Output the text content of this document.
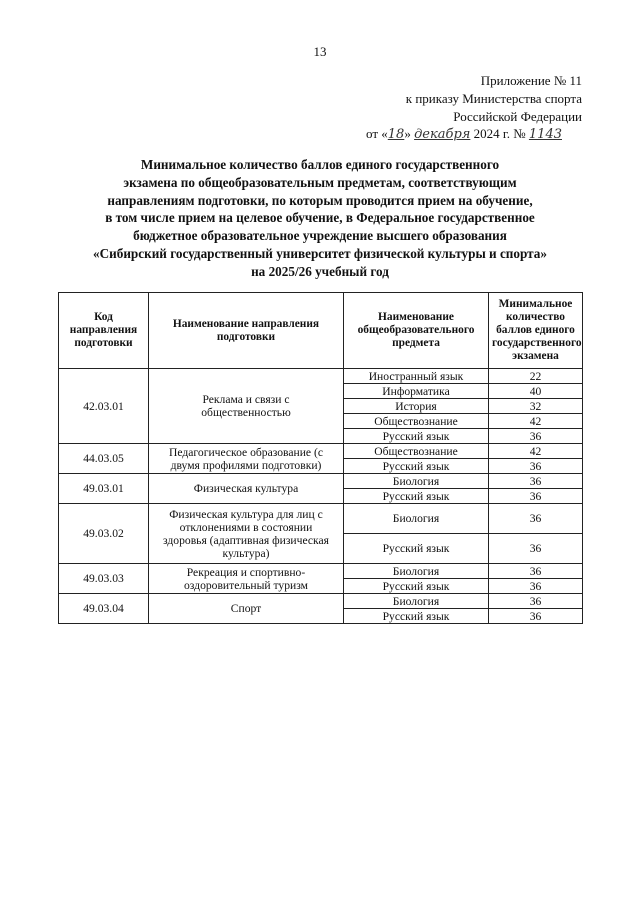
13
Приложение № 11
к приказу Министерства спорта
Российской Федерации
от «18» декабря 2024 г. № 1143
Минимальное количество баллов единого государственного
экзамена по общеобразовательным предметам, соответствующим
направлениям подготовки, по которым проводится прием на обучение,
в том числе прием на целевое обучение, в Федеральное государственное
бюджетное образовательное учреждение высшего образования
«Сибирский государственный университет физической культуры и спорта»
на 2025/26 учебный год
Код направления подготовки	Наименование направления подготовки	Наименование общеобразовательного предмета	Минимальное количество баллов единого государственного экзамена
42.03.01	Реклама и связи с общественностью	Иностранный язык	22
		Информатика	40
		История	32
		Обществознание	42
		Русский язык	36
44.03.05	Педагогическое образование (с двумя профилями подготовки)	Обществознание	42
		Русский язык	36
49.03.01	Физическая культура	Биология	36
		Русский язык	36
49.03.02	Физическая культура для лиц с отклонениями в состоянии здоровья (адаптивная физическая культура)	Биология	36
		Русский язык	36
49.03.03	Рекреация и спортивно-оздоровительный туризм	Биология	36
		Русский язык	36
49.03.04	Спорт	Биология	36
		Русский язык	36
